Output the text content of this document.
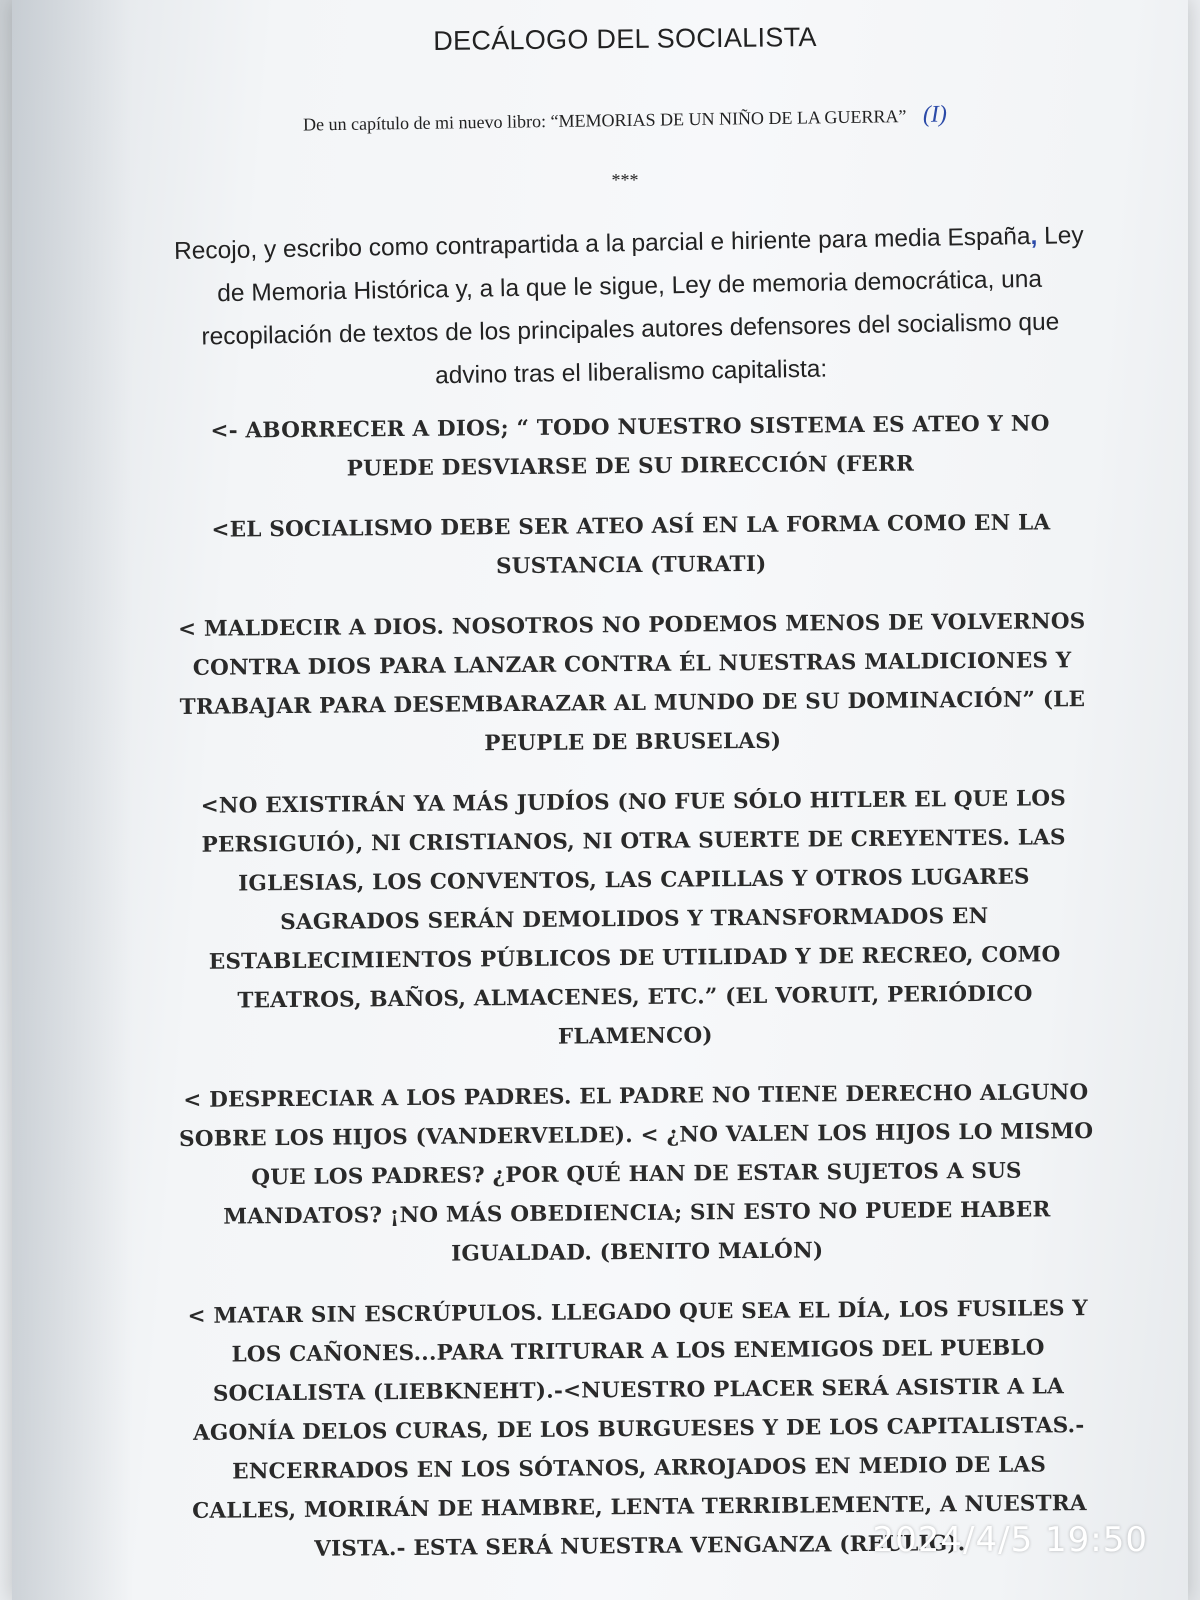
DECÁLOGO DEL SOCIALISTA
De un capítulo de mi nuevo libro: “MEMORIAS DE UN NIÑO DE LA GUERRA” (I)
***
Recojo, y escribo como contrapartida a la parcial e hiriente para media España, Ley de Memoria Histórica y, a la que le sigue, Ley de memoria democrática, una recopilación de textos de los principales autores defensores del socialismo que advino tras el liberalismo capitalista:

<- ABORRECER A DIOS; “ TODO NUESTRO SISTEMA ES ATEO Y NO PUEDE DESVIARSE DE SU DIRECCIÓN (FERR

<EL SOCIALISMO DEBE SER ATEO ASÍ EN LA FORMA COMO EN LA SUSTANCIA (TURATI)

< MALDECIR A DIOS. NOSOTROS NO PODEMOS MENOS DE VOLVERNOS CONTRA DIOS PARA LANZAR CONTRA ÉL NUESTRAS MALDICIONES Y TRABAJAR PARA DESEMBARAZAR AL MUNDO DE SU DOMINACIÓN” (LE PEUPLE DE BRUSELAS)

<NO EXISTIRÁN YA MÁS JUDÍOS (NO FUE SÓLO HITLER EL QUE LOS PERSIGUIÓ), NI CRISTIANOS, NI OTRA SUERTE DE CREYENTES. LAS IGLESIAS, LOS CONVENTOS, LAS CAPILLAS Y OTROS LUGARES SAGRADOS SERÁN DEMOLIDOS Y TRANSFORMADOS EN ESTABLECIMIENTOS PÚBLICOS DE UTILIDAD Y DE RECREO, COMO TEATROS, BAÑOS, ALMACENES, ETC.” (EL VORUIT, PERIÓDICO FLAMENCO)

< DESPRECIAR A LOS PADRES. EL PADRE NO TIENE DERECHO ALGUNO SOBRE LOS HIJOS (VANDERVELDE). < ¿NO VALEN LOS HIJOS LO MISMO QUE LOS PADRES? ¿POR QUÉ HAN DE ESTAR SUJETOS A SUS MANDATOS? ¡NO MÁS OBEDIENCIA; SIN ESTO NO PUEDE HABER IGUALDAD. (BENITO MALÓN)

< MATAR SIN ESCRÚPULOS. LLEGADO QUE SEA EL DÍA, LOS FUSILES Y LOS CAÑONES...PARA TRITURAR A LOS ENEMIGOS DEL PUEBLO SOCIALISTA (LIEBKNEHT).-<NUESTRO PLACER SERÁ ASISTIR A LA AGONÍA DELOS CURAS, DE LOS BURGUESES Y DE LOS CAPITALISTAS.- ENCERRADOS EN LOS SÓTANOS, ARROJADOS EN MEDIO DE LAS CALLES, MORIRÁN DE HAMBRE, LENTA TERRIBLEMENTE, A NUESTRA VISTA.- ESTA SERÁ NUESTRA VENGANZA (REULIG).

2024/4/5 19:50
